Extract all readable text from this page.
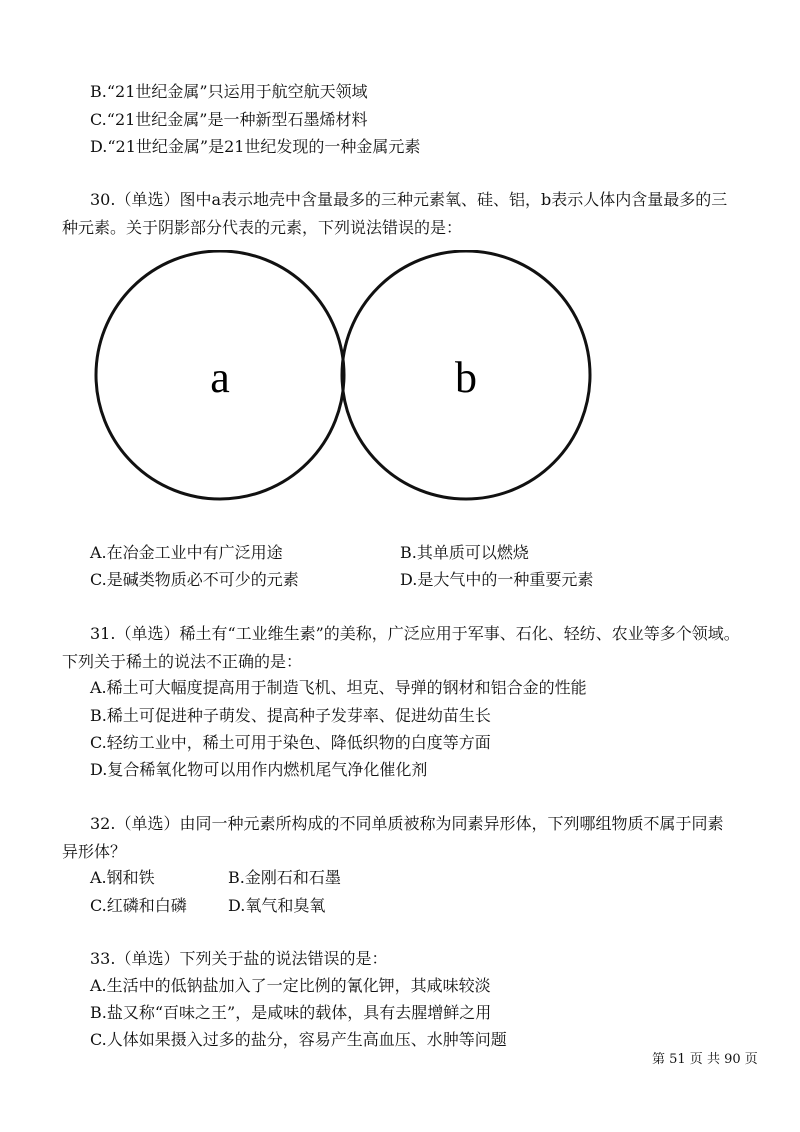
B.“21世纪金属”只运用于航空航天领域
C.“21世纪金属”是一种新型石墨烯材料
D.“21世纪金属”是21世纪发现的一种金属元素
30.（单选）图中a表示地壳中含量最多的三种元素氧、硅、铝，b表示人体内含量最多的三
种元素。关于阴影部分代表的元素，下列说法错误的是：
a	b
A.在冶金工业中有广泛用途	B.其单质可以燃烧
C.是碱类物质必不可少的元素	D.是大气中的一种重要元素
31.（单选）稀土有“工业维生素”的美称，广泛应用于军事、石化、轻纺、农业等多个领域。
下列关于稀土的说法不正确的是：
A.稀土可大幅度提高用于制造飞机、坦克、导弹的钢材和铝合金的性能
B.稀土可促进种子萌发、提高种子发芽率、促进幼苗生长
C.轻纺工业中，稀土可用于染色、降低织物的白度等方面
D.复合稀氧化物可以用作内燃机尾气净化催化剂
32.（单选）由同一种元素所构成的不同单质被称为同素异形体，下列哪组物质不属于同素
异形体？
A.钢和铁	B.金刚石和石墨
C.红磷和白磷	D.氧气和臭氧
33.（单选）下列关于盐的说法错误的是：
A.生活中的低钠盐加入了一定比例的氰化钾，其咸味较淡
B.盐又称“百味之王”，是咸味的载体，具有去腥增鲜之用
C.人体如果摄入过多的盐分，容易产生高血压、水肿等问题
第 51 页 共 90 页
